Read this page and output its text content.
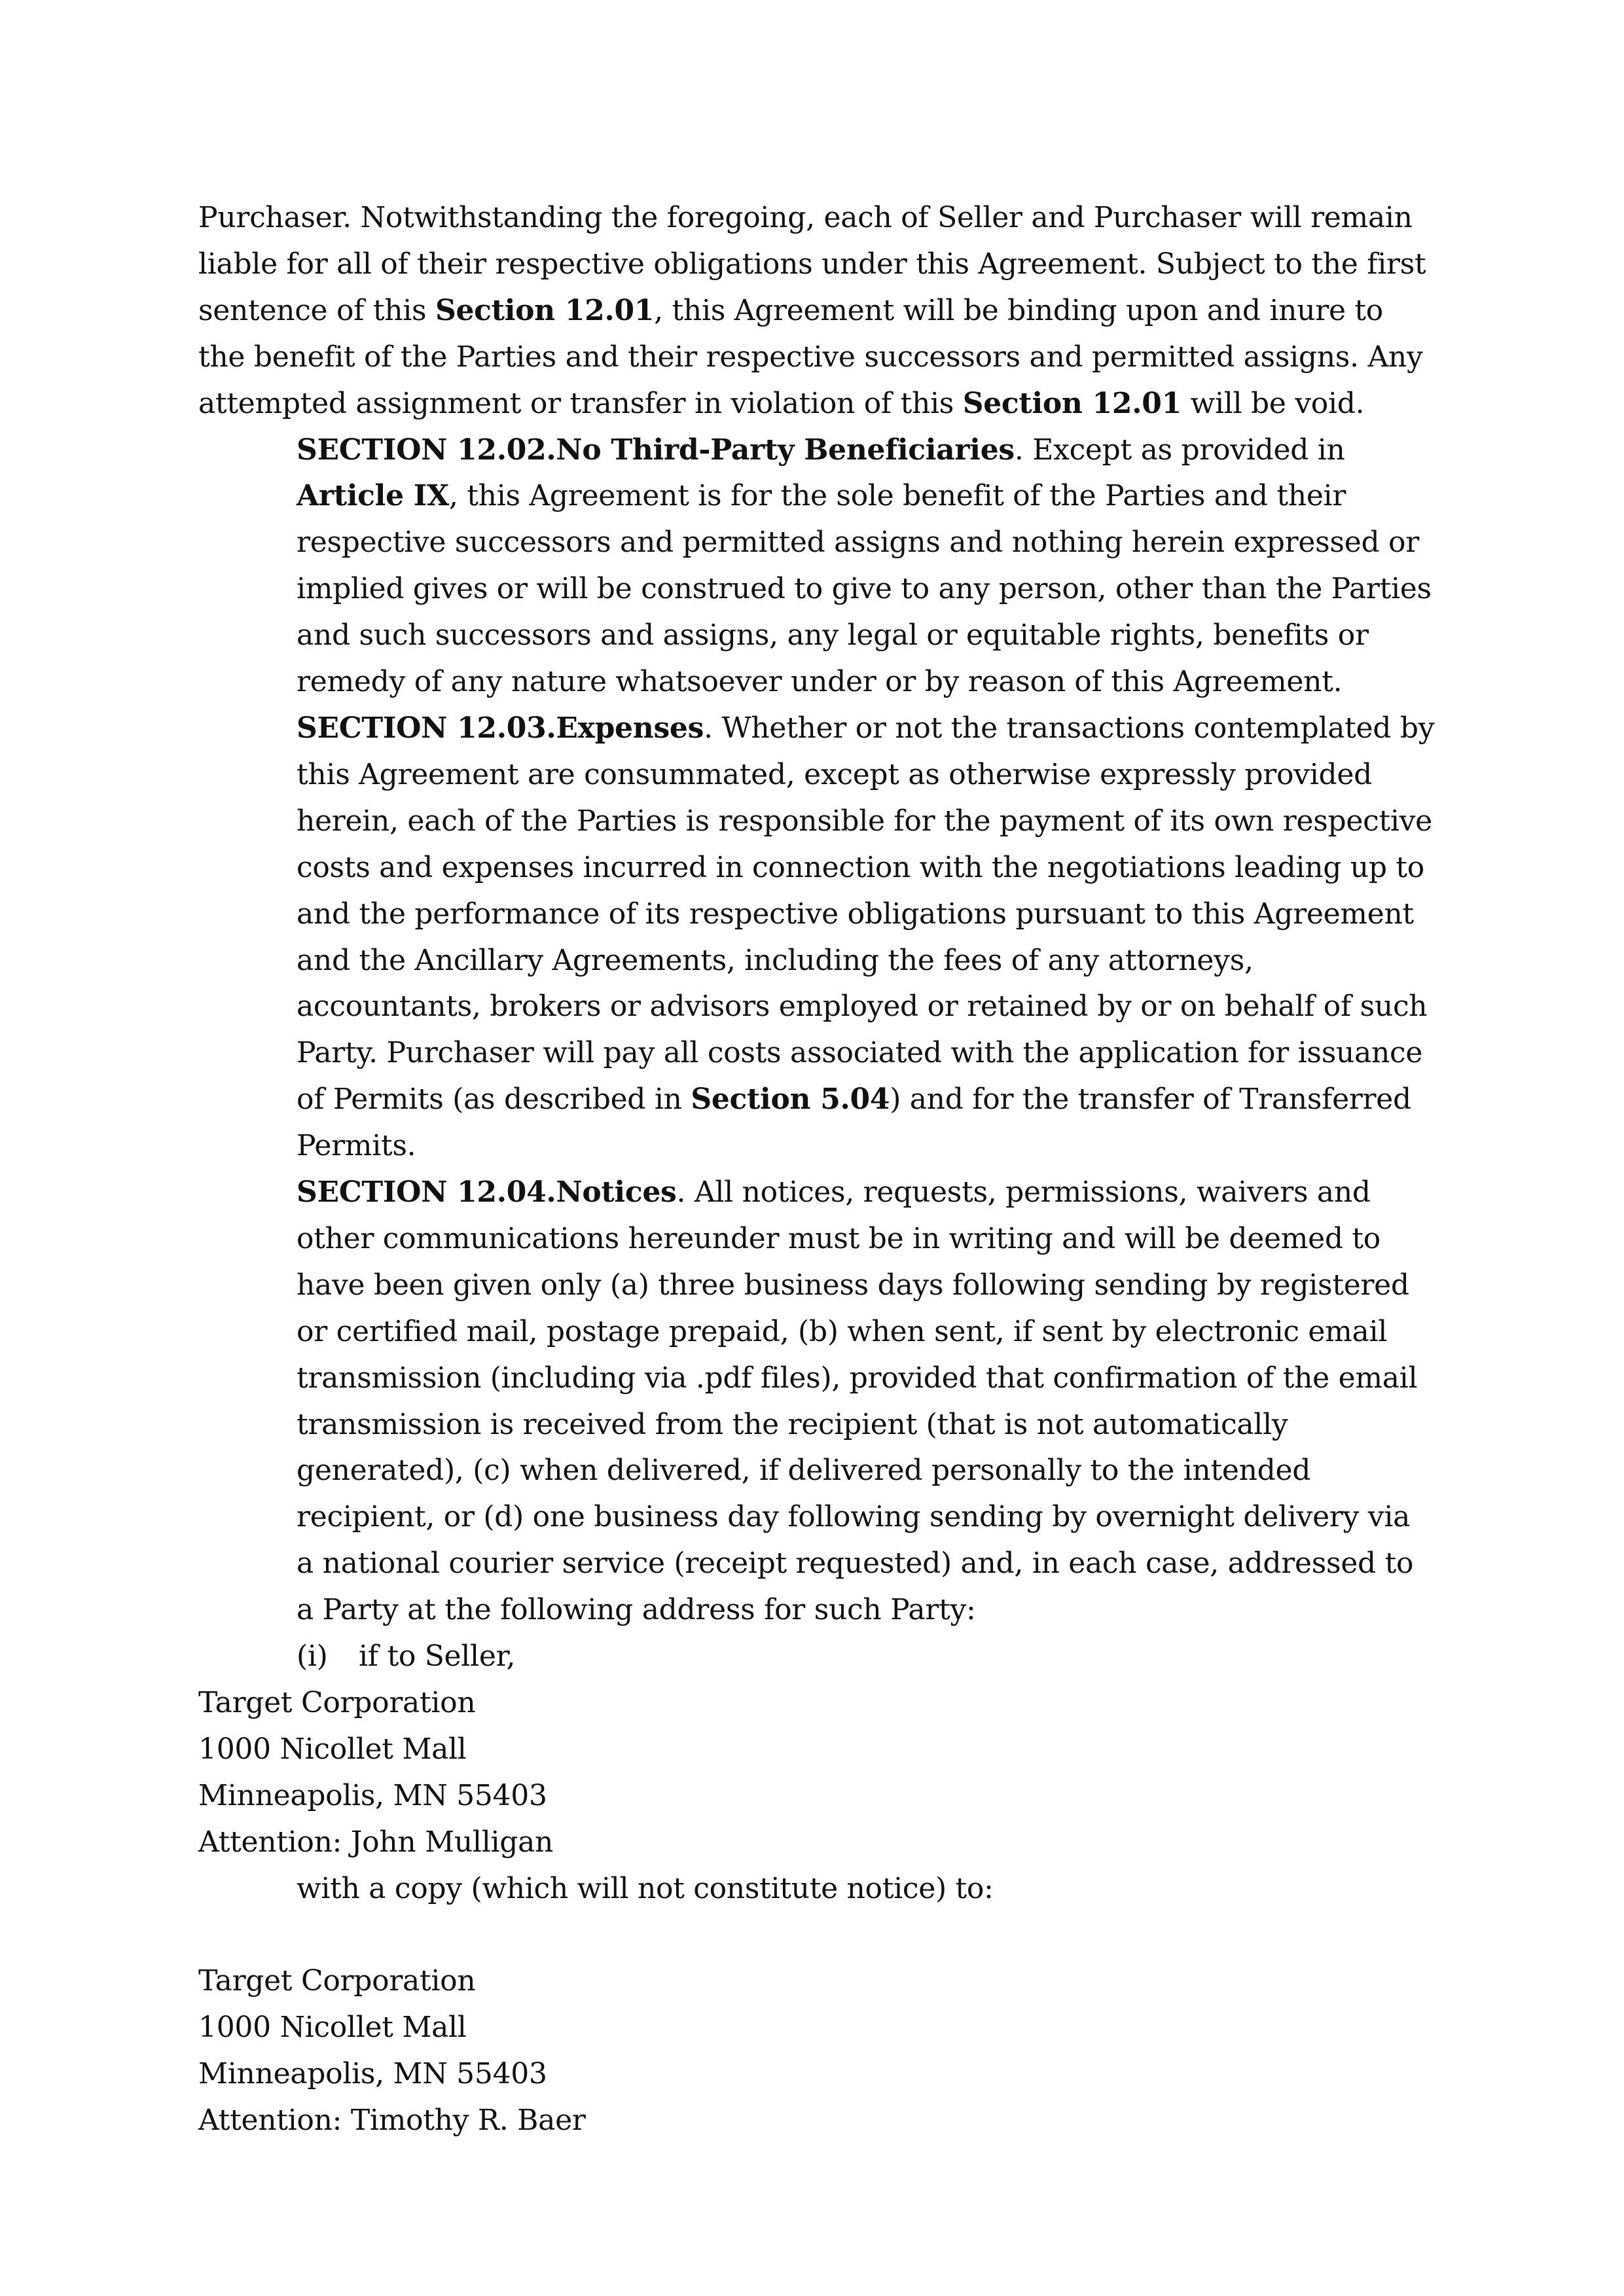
Purchaser. Notwithstanding the foregoing, each of Seller and Purchaser will remain liable for all of their respective obligations under this Agreement. Subject to the first sentence of this Section 12.01, this Agreement will be binding upon and inure to the benefit of the Parties and their respective successors and permitted assigns. Any attempted assignment or transfer in violation of this Section 12.01 will be void.

SECTION 12.02.No Third-Party Beneficiaries. Except as provided in Article IX, this Agreement is for the sole benefit of the Parties and their respective successors and permitted assigns and nothing herein expressed or implied gives or will be construed to give to any person, other than the Parties and such successors and assigns, any legal or equitable rights, benefits or remedy of any nature whatsoever under or by reason of this Agreement.

SECTION 12.03.Expenses. Whether or not the transactions contemplated by this Agreement are consummated, except as otherwise expressly provided herein, each of the Parties is responsible for the payment of its own respective costs and expenses incurred in connection with the negotiations leading up to and the performance of its respective obligations pursuant to this Agreement and the Ancillary Agreements, including the fees of any attorneys, accountants, brokers or advisors employed or retained by or on behalf of such Party. Purchaser will pay all costs associated with the application for issuance of Permits (as described in Section 5.04) and for the transfer of Transferred Permits.

SECTION 12.04.Notices. All notices, requests, permissions, waivers and other communications hereunder must be in writing and will be deemed to have been given only (a) three business days following sending by registered or certified mail, postage prepaid, (b) when sent, if sent by electronic email transmission (including via .pdf files), provided that confirmation of the email transmission is received from the recipient (that is not automatically generated), (c) when delivered, if delivered personally to the intended recipient, or (d) one business day following sending by overnight delivery via a national courier service (receipt requested) and, in each case, addressed to a Party at the following address for such Party:

(i) if to Seller,

Target Corporation

1000 Nicollet Mall

Minneapolis, MN 55403

Attention: John Mulligan

with a copy (which will not constitute notice) to:

Target Corporation

1000 Nicollet Mall

Minneapolis, MN 55403

Attention: Timothy R. Baer
